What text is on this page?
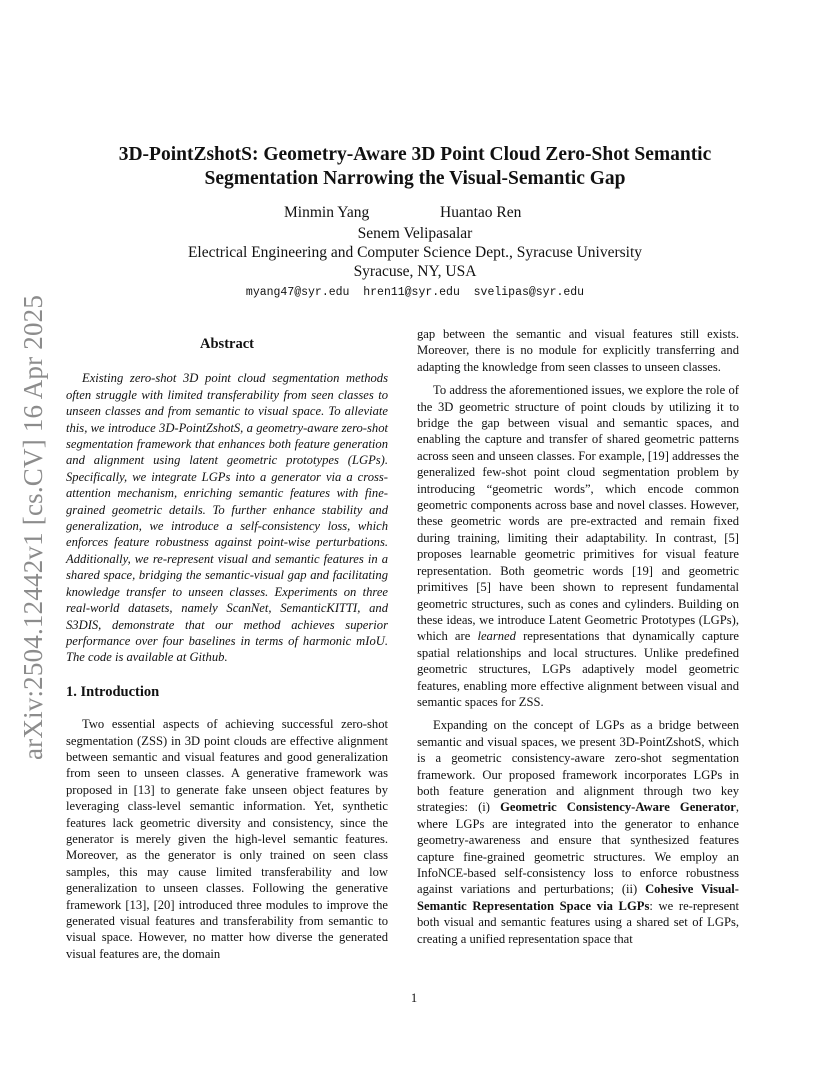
arXiv:2504.12442v1 [cs.CV] 16 Apr 2025
3D-PointZshotS: Geometry-Aware 3D Point Cloud Zero-Shot Semantic
Segmentation Narrowing the Visual-Semantic Gap
Minmin Yang	Huantao Ren
Senem Velipasalar
Electrical Engineering and Computer Science Dept., Syracuse University
Syracuse, NY, USA
myang47@syr.edu  hren11@syr.edu  svelipas@syr.edu
Abstract

Existing zero-shot 3D point cloud segmentation methods often struggle with limited transferability from seen classes to unseen classes and from semantic to visual space. To alleviate this, we introduce 3D-PointZshotS, a geometry-aware zero-shot segmentation framework that enhances both feature generation and alignment using latent geometric prototypes (LGPs). Specifically, we integrate LGPs into a generator via a cross-attention mechanism, enriching semantic features with fine-grained geometric details. To further enhance stability and generalization, we introduce a self-consistency loss, which enforces feature robustness against point-wise perturbations. Additionally, we re-represent visual and semantic features in a shared space, bridging the semantic-visual gap and facilitating knowledge transfer to unseen classes. Experiments on three real-world datasets, namely ScanNet, SemanticKITTI, and S3DIS, demonstrate that our method achieves superior performance over four baselines in terms of harmonic mIoU. The code is available at Github.

1. Introduction

Two essential aspects of achieving successful zero-shot segmentation (ZSS) in 3D point clouds are effective alignment between semantic and visual features and good generalization from seen to unseen classes. A generative framework was proposed in [13] to generate fake unseen object features by leveraging class-level semantic information. Yet, synthetic features lack geometric diversity and consistency, since the generator is merely given the high-level semantic features. Moreover, as the generator is only trained on seen class samples, this may cause limited transferability and low generalization to unseen classes. Following the generative framework [13], [20] introduced three modules to improve the generated visual features and transferability from semantic to visual space. However, no matter how diverse the generated visual features are, the domain

gap between the semantic and visual features still exists. Moreover, there is no module for explicitly transferring and adapting the knowledge from seen classes to unseen classes.

To address the aforementioned issues, we explore the role of the 3D geometric structure of point clouds by utilizing it to bridge the gap between visual and semantic spaces, and enabling the capture and transfer of shared geometric patterns across seen and unseen classes. For example, [19] addresses the generalized few-shot point cloud segmentation problem by introducing “geometric words”, which encode common geometric components across base and novel classes. However, these geometric words are pre-extracted and remain fixed during training, limiting their adaptability. In contrast, [5] proposes learnable geometric primitives for visual feature representation. Both geometric words [19] and geometric primitives [5] have been shown to represent fundamental geometric structures, such as cones and cylinders. Building on these ideas, we introduce Latent Geometric Prototypes (LGPs), which are learned representations that dynamically capture spatial relationships and local structures. Unlike predefined geometric structures, LGPs adaptively model geometric features, enabling more effective alignment between visual and semantic spaces for ZSS.

Expanding on the concept of LGPs as a bridge between semantic and visual spaces, we present 3D-PointZshotS, which is a geometric consistency-aware zero-shot segmentation framework. Our proposed framework incorporates LGPs in both feature generation and alignment through two key strategies: (i) Geometric Consistency-Aware Generator, where LGPs are integrated into the generator to enhance geometry-awareness and ensure that synthesized features capture fine-grained geometric structures. We employ an InfoNCE-based self-consistency loss to enforce robustness against variations and perturbations; (ii) Cohesive Visual-Semantic Representation Space via LGPs: we re-represent both visual and semantic features using a shared set of LGPs, creating a unified representation space that

1
